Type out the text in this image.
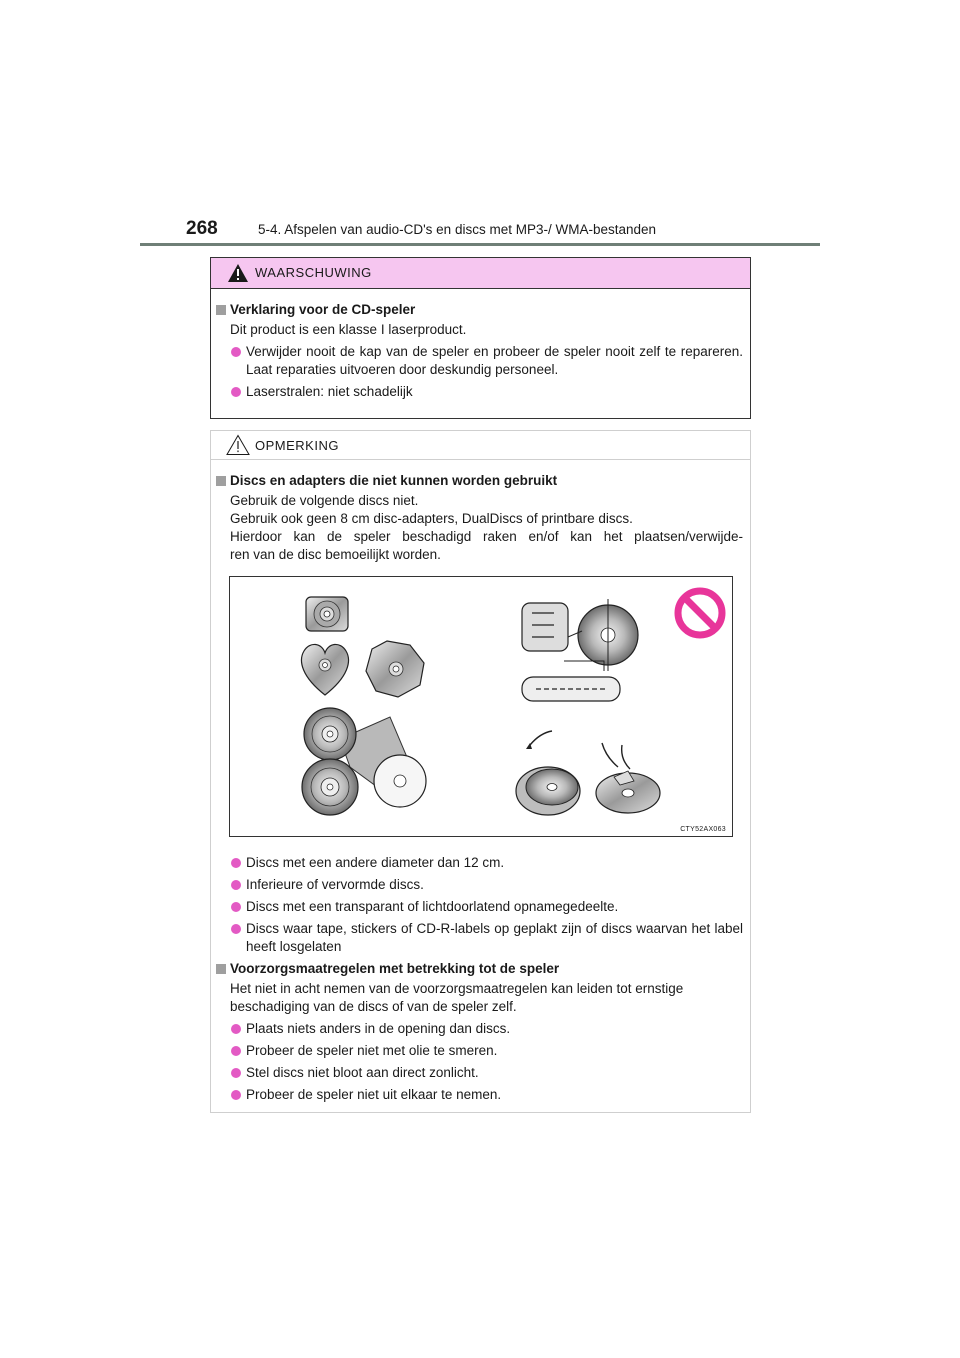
268	5-4. Afspelen van audio-CD's en discs met MP3-/ WMA-bestanden
WAARSCHUWING
Verklaring voor de CD-speler
Dit product is een klasse I laserproduct.
Verwijder nooit de kap van de speler en probeer de speler nooit zelf te repareren. Laat reparaties uitvoeren door deskundig personeel.
Laserstralen: niet schadelijk
OPMERKING
Discs en adapters die niet kunnen worden gebruikt
Gebruik de volgende discs niet.
Gebruik ook geen 8 cm disc-adapters, DualDiscs of printbare discs.
Hierdoor kan de speler beschadigd raken en/of kan het plaatsen/verwijde-
ren van de disc bemoeilijkt worden.
Discs met een andere diameter dan 12 cm.
Inferieure of vervormde discs.
Discs met een transparant of lichtdoorlatend opnamegedeelte.
Discs waar tape, stickers of CD-R-labels op geplakt zijn of discs waarvan het label heeft losgelaten
Voorzorgsmaatregelen met betrekking tot de speler
Het niet in acht nemen van de voorzorgsmaatregelen kan leiden tot ernstige
beschadiging van de discs of van de speler zelf.
Plaats niets anders in de opening dan discs.
Probeer de speler niet met olie te smeren.
Stel discs niet bloot aan direct zonlicht.
Probeer de speler niet uit elkaar te nemen.
CTY52AX063
